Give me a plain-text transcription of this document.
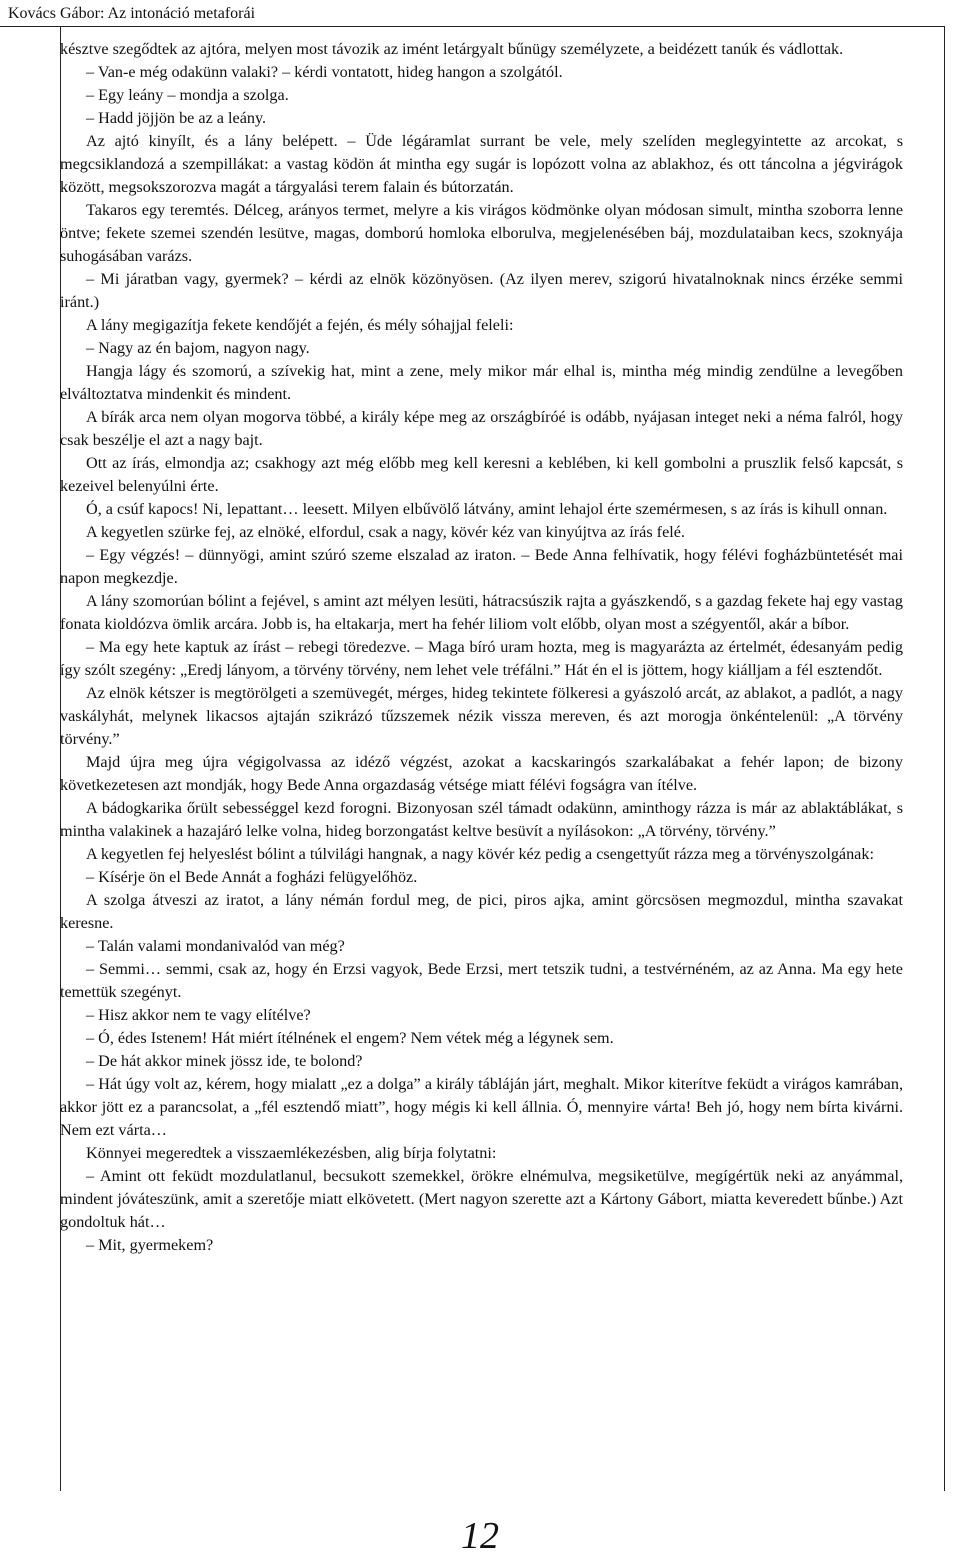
Kovács Gábor: Az intonáció metaforái

késztve szegődtek az ajtóra, melyen most távozik az imént letárgyalt bűnügy személyzete, a beidézett tanúk és vádlottak.

– Van-e még odakünn valaki? – kérdi vontatott, hideg hangon a szolgától.

– Egy leány – mondja a szolga.

– Hadd jöjjön be az a leány.

Az ajtó kinyílt, és a lány belépett. – Üde légáramlat surrant be vele, mely szelíden meglegyintette az arcokat, s megcsiklandozá a szempillákat: a vastag ködön át mintha egy sugár is lopózott volna az ablakhoz, és ott táncolna a jégvirágok között, megsokszorozva magát a tárgyalási terem falain és bútorzatán.

Takaros egy teremtés. Délceg, arányos termet, melyre a kis virágos ködmönke olyan módosan simult, mintha szoborra lenne öntve; fekete szemei szendén lesütve, magas, domború homloka elborulva, megjelenésében báj, mozdulataiban kecs, szoknyája suhogásában varázs.

– Mi járatban vagy, gyermek? – kérdi az elnök közönyösen. (Az ilyen merev, szigorú hivatalnoknak nincs érzéke semmi iránt.)

A lány megigazítja fekete kendőjét a fején, és mély sóhajjal feleli:

– Nagy az én bajom, nagyon nagy.

Hangja lágy és szomorú, a szívekig hat, mint a zene, mely mikor már elhal is, mintha még mindig zendülne a levegőben elváltoztatva mindenkit és mindent.

A bírák arca nem olyan mogorva többé, a király képe meg az országbíróé is odább, nyájasan integet neki a néma falról, hogy csak beszélje el azt a nagy bajt.

Ott az írás, elmondja az; csakhogy azt még előbb meg kell keresni a keblében, ki kell gombolni a pruszlik felső kapcsát, s kezeivel belenyúlni érte.

Ó, a csúf kapocs! Ni, lepattant… leesett. Milyen elbűvölő látvány, amint lehajol érte szemérmesen, s az írás is kihull onnan.

A kegyetlen szürke fej, az elnöké, elfordul, csak a nagy, kövér kéz van kinyújtva az írás felé.

– Egy végzés! – dünnyögi, amint szúró szeme elszalad az iraton. – Bede Anna felhívatik, hogy félévi fogházbüntetését mai napon megkezdje.

A lány szomorúan bólint a fejével, s amint azt mélyen lesüti, hátracsúszik rajta a gyászkendő, s a gazdag fekete haj egy vastag fonata kioldózva ömlik arcára. Jobb is, ha eltakarja, mert ha fehér liliom volt előbb, olyan most a szégyentől, akár a bíbor.

– Ma egy hete kaptuk az írást – rebegi töredezve. – Maga bíró uram hozta, meg is magyarázta az értelmét, édesanyám pedig így szólt szegény: „Eredj lányom, a törvény törvény, nem lehet vele tréfálni.” Hát én el is jöttem, hogy kiálljam a fél esztendőt.

Az elnök kétszer is megtörölgeti a szemüvegét, mérges, hideg tekintete fölkeresi a gyászoló arcát, az ablakot, a padlót, a nagy vaskályhát, melynek likacsos ajtaján szikrázó tűzszemek nézik vissza mereven, és azt morogja önkéntelenül: „A törvény törvény.”

Majd újra meg újra végigolvassa az idéző végzést, azokat a kacskaringós szarkalábakat a fehér lapon; de bizony következetesen azt mondják, hogy Bede Anna orgazdaság vétsége miatt félévi fogságra van ítélve.

A bádogkarika őrült sebességgel kezd forogni. Bizonyosan szél támadt odakünn, aminthogy rázza is már az ablaktáblákat, s mintha valakinek a hazajáró lelke volna, hideg borzongatást keltve besüvít a nyílásokon: „A törvény, törvény.”

A kegyetlen fej helyeslést bólint a túlvilági hangnak, a nagy kövér kéz pedig a csengettyűt rázza meg a törvényszolgának:

– Kísérje ön el Bede Annát a fogházi felügyelőhöz.

A szolga átveszi az iratot, a lány némán fordul meg, de pici, piros ajka, amint görcsösen megmozdul, mintha szavakat keresne.

– Talán valami mondanivalód van még?

– Semmi… semmi, csak az, hogy én Erzsi vagyok, Bede Erzsi, mert tetszik tudni, a testvérnéném, az az Anna. Ma egy hete temettük szegényt.

– Hisz akkor nem te vagy elítélve?

– Ó, édes Istenem! Hát miért ítélnének el engem? Nem vétek még a légynek sem.

– De hát akkor minek jössz ide, te bolond?

– Hát úgy volt az, kérem, hogy mialatt „ez a dolga” a király tábláján járt, meghalt. Mikor kiterítve feküdt a virágos kamrában, akkor jött ez a parancsolat, a „fél esztendő miatt”, hogy mégis ki kell állnia. Ó, mennyire várta! Beh jó, hogy nem bírta kivárni. Nem ezt várta…

Könnyei megeredtek a visszaemlékezésben, alig bírja folytatni:

– Amint ott feküdt mozdulatlanul, becsukott szemekkel, örökre elnémulva, megsiketülve, megígértük neki az anyámmal, mindent jóváteszünk, amit a szeretője miatt elkövetett. (Mert nagyon szerette azt a Kártony Gábort, miatta keveredett bűnbe.) Azt gondoltuk hát…

– Mit, gyermekem?

12
